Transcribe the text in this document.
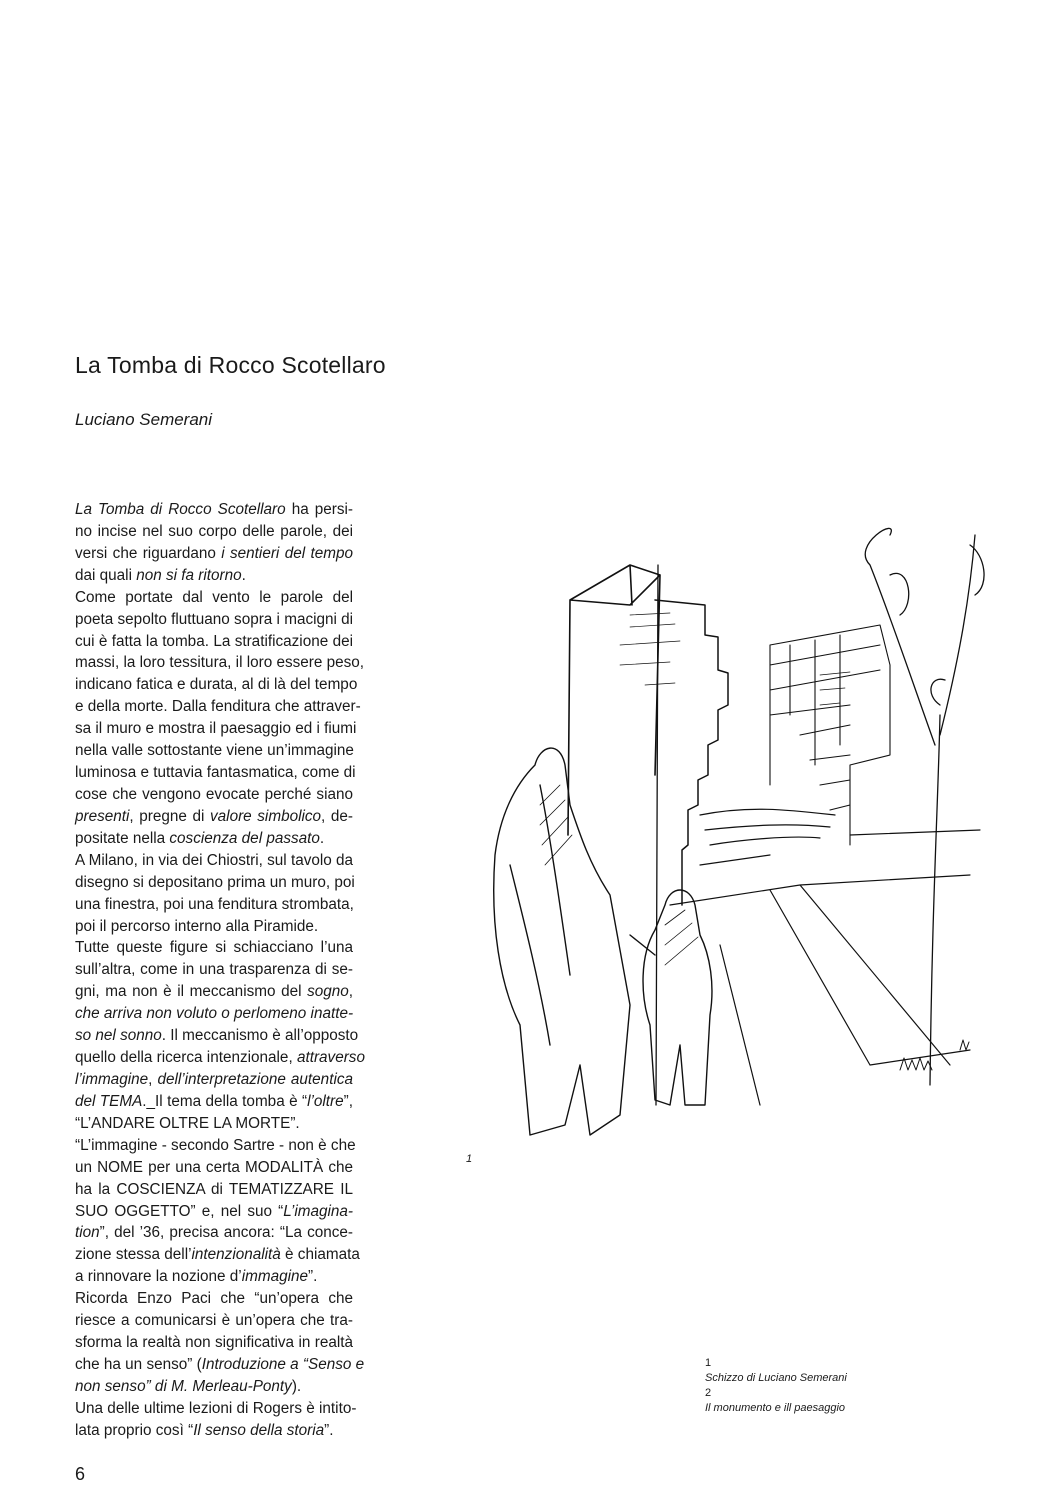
La Tomba di Rocco Scotellaro
Luciano Semerani
La Tomba di Rocco Scotellaro ha persi-
no incise nel suo corpo delle parole, dei
versi che riguardano i sentieri del tempo
dai quali non si fa ritorno.
Come portate dal vento le parole del
poeta sepolto fluttuano sopra i macigni di
cui è fatta la tomba. La stratificazione dei
massi, la loro tessitura, il loro essere peso,
indicano fatica e durata, al di là del tempo
e della morte. Dalla fenditura che attraver-
sa il muro e mostra il paesaggio ed i fiumi
nella valle sottostante viene un’immagine
luminosa e tuttavia fantasmatica, come di
cose che vengono evocate perché siano
presenti, pregne di valore simbolico, de-
positate nella coscienza del passato.
A Milano, in via dei Chiostri, sul tavolo da
disegno si depositano prima un muro, poi
una finestra, poi una fenditura strombata,
poi il percorso interno alla Piramide.
Tutte queste figure si schiacciano l’una
sull’altra, come in una trasparenza di se-
gni, ma non è il meccanismo del sogno,
che arriva non voluto o perlomeno inatte-
so nel sonno. Il meccanismo è all’opposto
quello della ricerca intenzionale, attraverso
l’immagine, dell’interpretazione autentica
del TEMA._Il tema della tomba è “l’oltre”,
“L’ANDARE OLTRE LA MORTE”.
“L’immagine - secondo Sartre - non è che
un NOME per una certa MODALITÀ che
ha la COSCIENZA di TEMATIZZARE IL
SUO OGGETTO” e, nel suo “L’imagina-
tion”, del ’36, precisa ancora: “La conce-
zione stessa dell’intenzionalità è chiamata
a rinnovare la nozione d’immagine”.
Ricorda Enzo Paci che “un’opera che
riesce a comunicarsi è un’opera che tra-
sforma la realtà non significativa in realtà
che ha un senso” (Introduzione a “Senso e
non senso” di M. Merleau-Ponty).
Una delle ultime lezioni di Rogers è intito-
lata proprio così “Il senso della storia”.
1
1
Schizzo di Luciano Semerani
2
Il monumento e ill paesaggio
6
